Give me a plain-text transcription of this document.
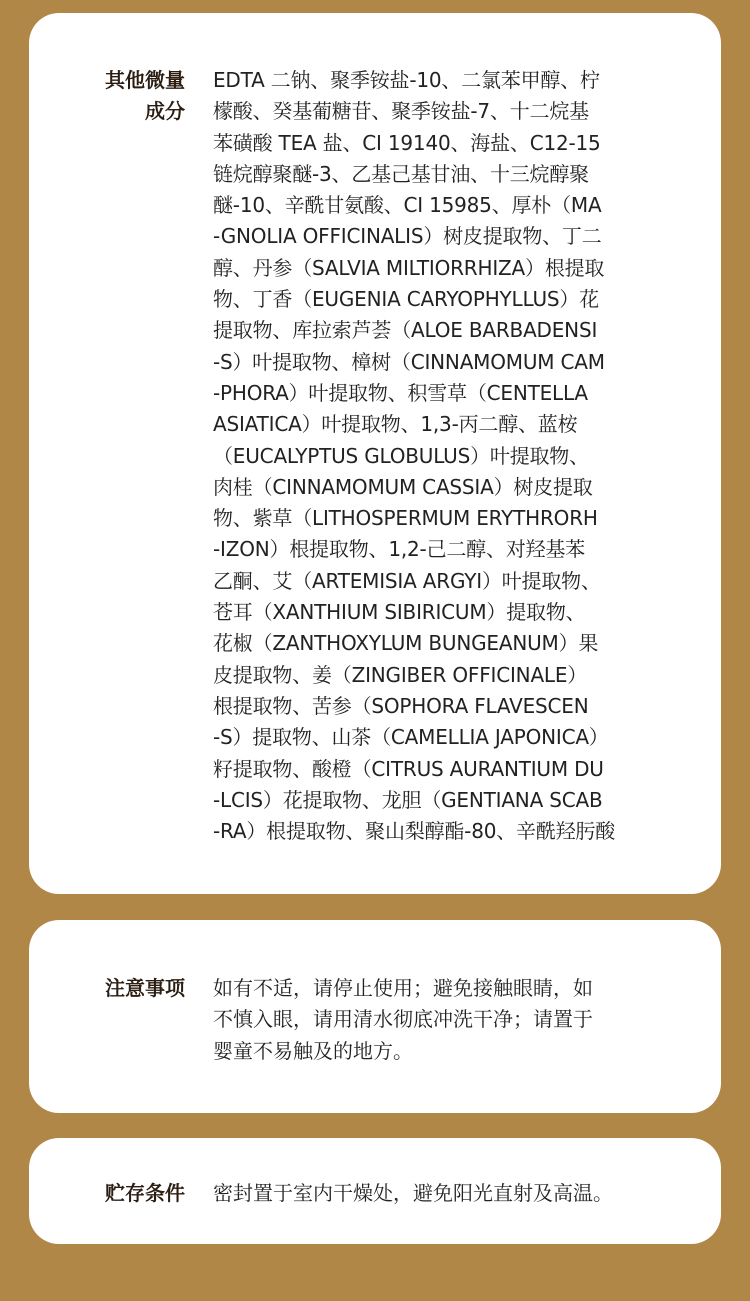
其他微量
成分
EDTA 二钠、聚季铵盐-10、二氯苯甲醇、柠
檬酸、癸基葡糖苷、聚季铵盐-7、十二烷基
苯磺酸 TEA 盐、CI 19140、海盐、C12-15
链烷醇聚醚-3、乙基己基甘油、十三烷醇聚
醚-10、辛酰甘氨酸、CI 15985、厚朴（MA
-GNOLIA OFFICINALIS）树皮提取物、丁二
醇、丹参（SALVIA MILTIORRHIZA）根提取
物、丁香（EUGENIA CARYOPHYLLUS）花
提取物、库拉索芦荟（ALOE BARBADENSI
-S）叶提取物、樟树（CINNAMOMUM CAM
-PHORA）叶提取物、积雪草（CENTELLA
ASIATICA）叶提取物、1,3-丙二醇、蓝桉
（EUCALYPTUS GLOBULUS）叶提取物、
肉桂（CINNAMOMUM CASSIA）树皮提取
物、紫草（LITHOSPERMUM ERYTHRORH
-IZON）根提取物、1,2-己二醇、对羟基苯
乙酮、艾（ARTEMISIA ARGYI）叶提取物、
苍耳（XANTHIUM SIBIRICUM）提取物、
花椒（ZANTHOXYLUM BUNGEANUM）果
皮提取物、姜（ZINGIBER OFFICINALE）
根提取物、苦参（SOPHORA FLAVESCEN
-S）提取物、山茶（CAMELLIA JAPONICA）
籽提取物、酸橙（CITRUS AURANTIUM DU
-LCIS）花提取物、龙胆（GENTIANA SCAB
-RA）根提取物、聚山梨醇酯-80、辛酰羟肟酸
注意事项 如有不适，请停止使用；避免接触眼睛，如
不慎入眼，请用清水彻底冲洗干净；请置于
婴童不易触及的地方。
贮存条件 密封置于室内干燥处，避免阳光直射及高温。
